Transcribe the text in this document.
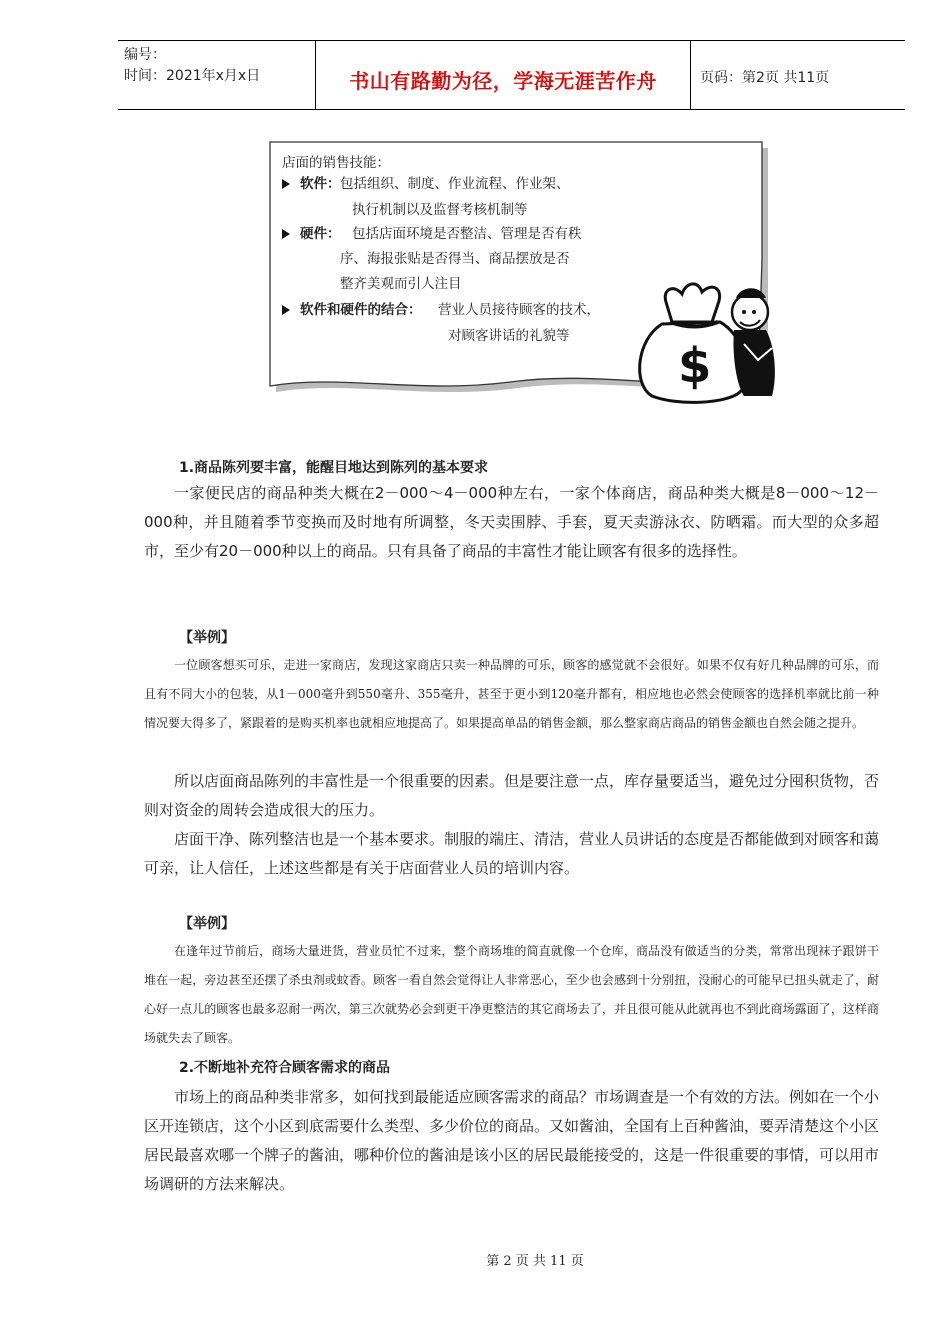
编号：
时间：2021年x月x日	书山有路勤为径，学海无涯苦作舟	页码：第2页 共11页
店面的销售技能：
软件： 包括组织、制度、作业流程、作业架、
执行机制以及监督考核机制等
硬件： 包括店面环境是否整洁、管理是否有秩
序、海报张贴是否得当、商品摆放是否
整齐美观而引人注目
软件和硬件的结合： 营业人员接待顾客的技术，
对顾客讲话的礼貌等
$
1.商品陈列要丰富，能醒目地达到陈列的基本要求
一家便民店的商品种类大概在2－000～4－000种左右，一家个体商店，商品种类大概是8－000～12－000种，并且随着季节变换而及时地有所调整，冬天卖围脖、手套，夏天卖游泳衣、防晒霜。而大型的众多超市，至少有20－000种以上的商品。只有具备了商品的丰富性才能让顾客有很多的选择性。
【举例】
一位顾客想买可乐，走进一家商店，发现这家商店只卖一种品牌的可乐，顾客的感觉就不会很好。如果不仅有好几种品牌的可乐，而且有不同大小的包装，从1－000毫升到550毫升、355毫升，甚至于更小到120毫升都有，相应地也必然会使顾客的选择机率就比前一种情况要大得多了，紧跟着的是购买机率也就相应地提高了。如果提高单品的销售金额，那么整家商店商品的销售金额也自然会随之提升。
所以店面商品陈列的丰富性是一个很重要的因素。但是要注意一点，库存量要适当，避免过分囤积货物，否则对资金的周转会造成很大的压力。
店面干净、陈列整洁也是一个基本要求。制服的端庄、清洁，营业人员讲话的态度是否都能做到对顾客和蔼可亲，让人信任，上述这些都是有关于店面营业人员的培训内容。
【举例】
在逢年过节前后，商场大量进货，营业员忙不过来，整个商场堆的简直就像一个仓库，商品没有做适当的分类，常常出现袜子跟饼干堆在一起，旁边甚至还摆了杀虫剂或蚊香。顾客一看自然会觉得让人非常恶心，至少也会感到十分别扭，没耐心的可能早已扭头就走了，耐心好一点儿的顾客也最多忍耐一两次，第三次就势必会到更干净更整洁的其它商场去了，并且很可能从此就再也不到此商场露面了，这样商场就失去了顾客。
2.不断地补充符合顾客需求的商品
市场上的商品种类非常多，如何找到最能适应顾客需求的商品？市场调查是一个有效的方法。例如在一个小区开连锁店，这个小区到底需要什么类型、多少价位的商品。又如酱油，全国有上百种酱油，要弄清楚这个小区居民最喜欢哪一个牌子的酱油，哪种价位的酱油是该小区的居民最能接受的，这是一件很重要的事情，可以用市场调研的方法来解决。
第 2 页 共 11 页
